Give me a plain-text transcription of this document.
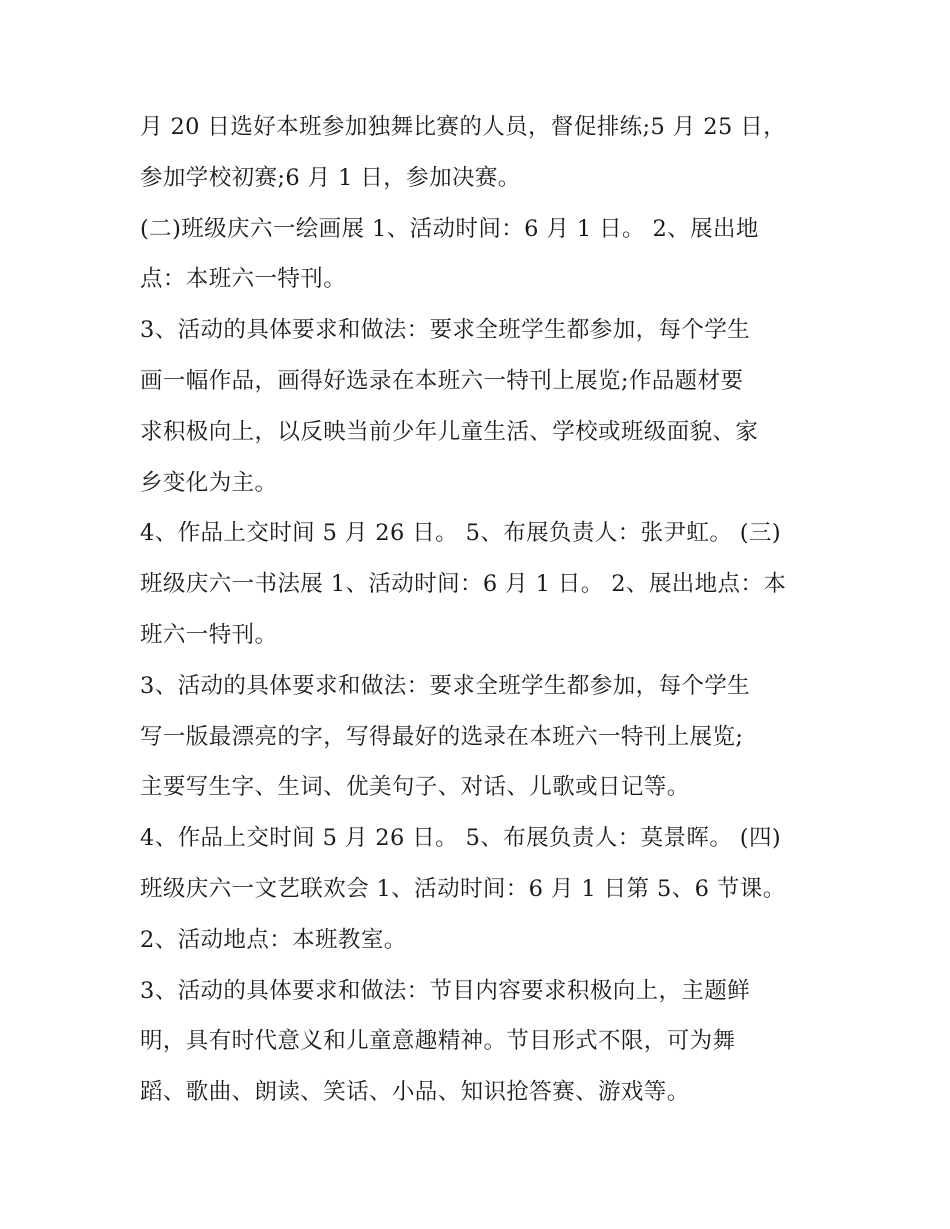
月 20 日选好本班参加独舞比赛的人员，督促排练;5 月 25 日，
参加学校初赛;6 月 1 日，参加决赛。
(二)班级庆六一绘画展 1、活动时间：6 月 1 日。 2、展出地
点：本班六一特刊。
3、活动的具体要求和做法：要求全班学生都参加，每个学生
画一幅作品，画得好选录在本班六一特刊上展览;作品题材要
求积极向上，以反映当前少年儿童生活、学校或班级面貌、家
乡变化为主。
4、作品上交时间 5 月 26 日。 5、布展负责人：张尹虹。 (三)
班级庆六一书法展 1、活动时间：6 月 1 日。 2、展出地点：本
班六一特刊。
3、活动的具体要求和做法：要求全班学生都参加，每个学生
写一版最漂亮的字，写得最好的选录在本班六一特刊上展览;
主要写生字、生词、优美句子、对话、儿歌或日记等。
4、作品上交时间 5 月 26 日。 5、布展负责人：莫景晖。 (四)
班级庆六一文艺联欢会 1、活动时间：6 月 1 日第 5、6 节课。
2、活动地点：本班教室。
3、活动的具体要求和做法：节目内容要求积极向上，主题鲜
明，具有时代意义和儿童意趣精神。节目形式不限，可为舞
蹈、歌曲、朗读、笑话、小品、知识抢答赛、游戏等。
